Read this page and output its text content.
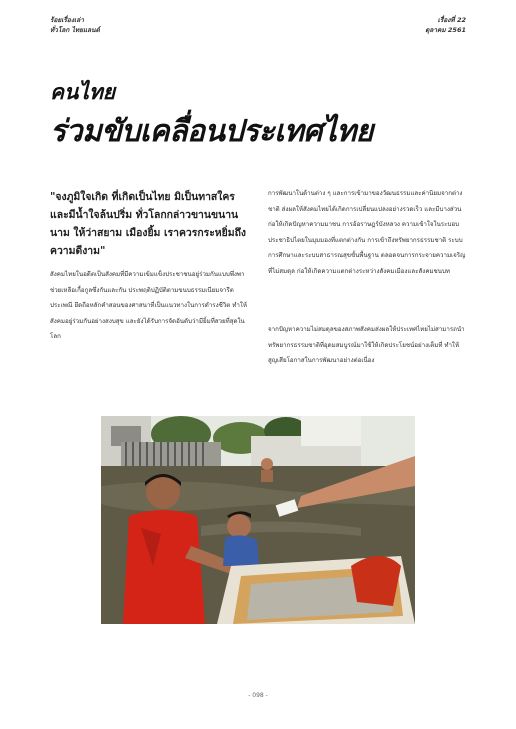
ร้อยเรื่องเล่า
ทั่วโลก ไทยแลนด์
เรื่องที่ 22
ตุลาคม 2561
คนไทย
ร่วมขับเคลื่อนประเทศไทย

"จงภูมิใจเกิด ที่เกิดเป็นไทย มิเป็นทาสใคร และมีน้ำใจล้นปริ่ม ทั่วโลกกล่าวขานขนานนาม ให้ว่าสยาม เมืองยิ้ม เราควรกระหยิ่มถึงความดีงาม"

สังคมไทยในอดีตเป็นสังคมที่มีความเข้มแข็งประชาชนอยู่ร่วมกันแบบพึ่งพาช่วยเหลือเกื้อกูลซึ่งกันและกัน ประพฤติปฏิบัติตามขนบธรรมเนียมจารีตประเพณี ยึดถือหลักคำสอนของศาสนาที่เป็นแนวทางในการดำรงชีวิต ทำให้สังคมอยู่ร่วมกันอย่างสงบสุข และยังได้รับการจัดอันดับว่ามียิ้มที่สวยที่สุดในโลก

การพัฒนาในด้านต่าง ๆ และการเข้ามาของวัฒนธรรมและค่านิยมจากต่างชาติ ส่งผลให้สังคมไทยได้เกิดการเปลี่ยนแปลงอย่างรวดเร็ว และมีบางส่วนก่อให้เกิดปัญหาความมาชน การอ้อราษฎร์บังหลวง ความเข้าใจในระบอบประชาธิปไตยในมุมมองที่แตกต่างกัน การเข้าถึงทรัพยากรธรรมชาติ ระบบการศึกษาและระบบสาธารณสุขขั้นพื้นฐาน ตลอดจนการกระจายความเจริญที่ไม่สมดุล ก่อให้เกิดความแตกต่างระหว่างสังคมเมืองและสังคมชนบท

จากปัญหาความไม่สมดุลของสภาพสังคมส่งผลให้ประเทศไทยไม่สามารถนำทรัพยากรธรรมชาติที่อุดมสมบูรณ์มาใช้ให้เกิดประโยชน์อย่างเต็มที่ ทำให้สูญเสียโอกาสในการพัฒนาอย่างต่อเนื่อง

- 098 -
